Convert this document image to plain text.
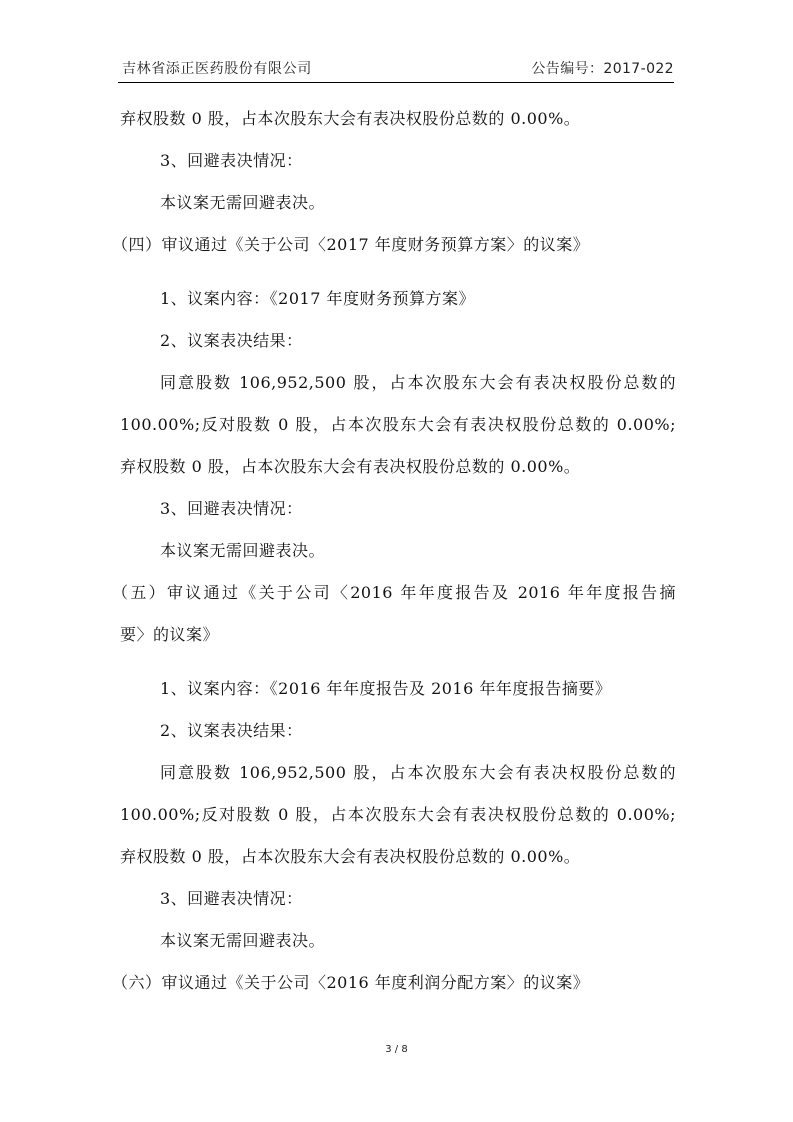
吉林省添正医药股份有限公司	公告编号：2017-022
弃权股数 0 股，占本次股东大会有表决权股份总数的 0.00%。
3、回避表决情况：
本议案无需回避表决。
（四）审议通过《关于公司〈2017 年度财务预算方案〉的议案》
1、议案内容：《2017 年度财务预算方案》
2、议案表决结果：
同意股数 106,952,500 股，占本次股东大会有表决权股份总数的
100.00%;反对股数 0 股，占本次股东大会有表决权股份总数的 0.00%;
弃权股数 0 股，占本次股东大会有表决权股份总数的 0.00%。
3、回避表决情况：
本议案无需回避表决。
（五）审议通过《关于公司〈2016 年年度报告及 2016 年年度报告摘
要〉的议案》
1、议案内容：《2016 年年度报告及 2016 年年度报告摘要》
2、议案表决结果：
同意股数 106,952,500 股，占本次股东大会有表决权股份总数的
100.00%;反对股数 0 股，占本次股东大会有表决权股份总数的 0.00%;
弃权股数 0 股，占本次股东大会有表决权股份总数的 0.00%。
3、回避表决情况：
本议案无需回避表决。
（六）审议通过《关于公司〈2016 年度利润分配方案〉的议案》
3 / 8
